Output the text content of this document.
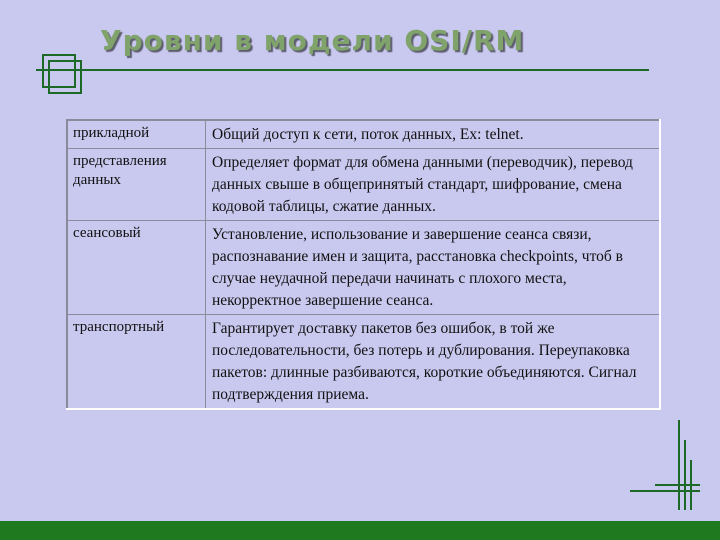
Уровни в модели OSI/RM
прикладной	Общий доступ к сети, поток данных, Ex: telnet.
представления данных	Определяет формат для обмена данными (переводчик), перевод данных свыше в общепринятый стандарт, шифрование, смена кодовой таблицы, сжатие данных.
сеансовый	Установление, использование и завершение сеанса связи, распознавание имен и защита, расстановка checkpoints, чтоб в случае неудачной передачи начинать с плохого места, некорректное завершение сеанса.
транспортный	Гарантирует доставку пакетов без ошибок, в той же последовательности, без потерь и дублирования. Переупаковка пакетов: длинные разбиваются, короткие объединяются. Сигнал подтверждения приема.
